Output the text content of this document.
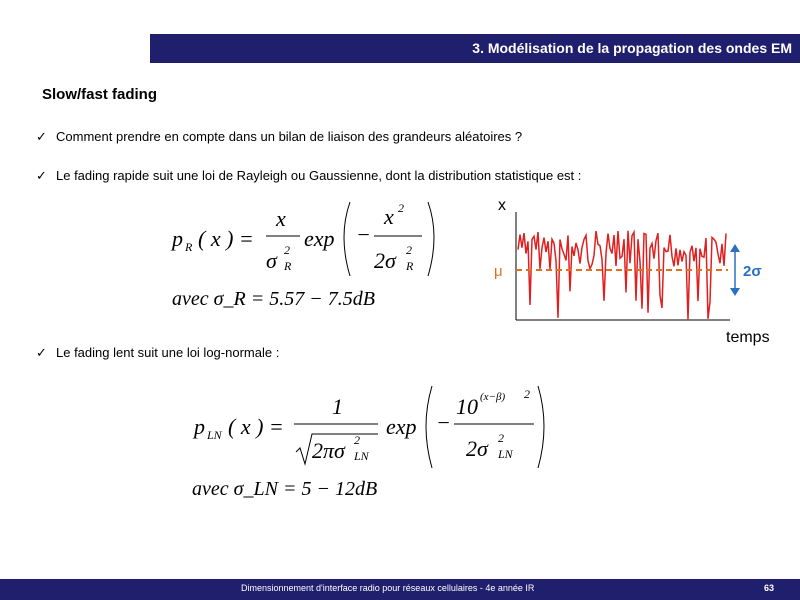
3. Modélisation de la propagation des ondes EM
Slow/fast fading
✓ Comment prendre en compte dans un bilan de liaison des grandeurs aléatoires ?
✓ Le fading rapide suit une loi de Rayleigh ou Gaussienne, dont la distribution statistique est :
p R ( x ) =
x
σ 2
R
exp −
x 2
2σ 2
R
avec σ_R = 5.57 − 7.5dB
x
μ	2σ
temps
✓ Le fading lent suit une loi log-normale :
p LN ( x ) =
1
2πσ 2
LN
exp −
10 (x−β) 2
2σ 2
LN
avec σ_LN = 5 − 12dB
Dimensionnement d'interface radio pour réseaux cellulaires - 4e année IR	63
